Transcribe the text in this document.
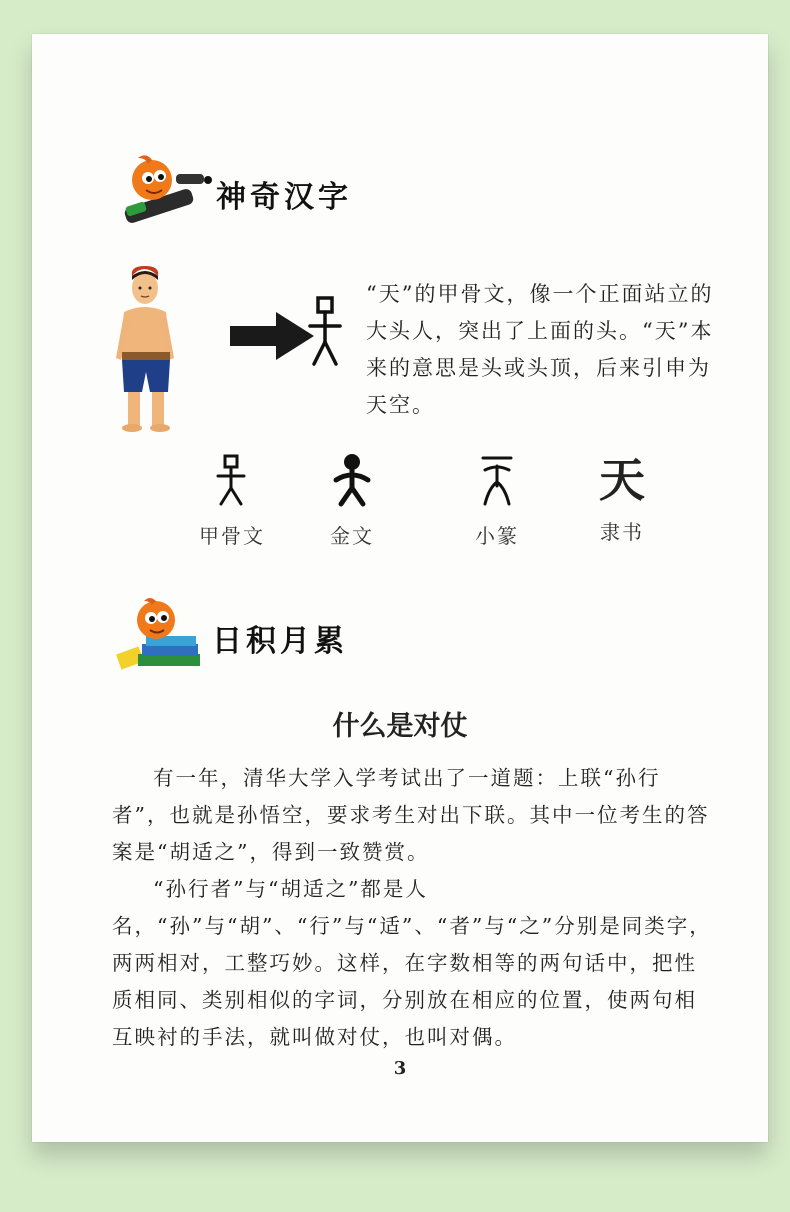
神奇汉字
“天”的甲骨文，像一个正面站立的大头人，突出了上面的头。“天”本来的意思是头或头顶，后来引申为天空。
甲骨文	金文	小篆
天
隶书
日积月累
什么是对仗

有一年，清华大学入学考试出了一道题：上联“孙行者”，也就是孙悟空，要求考生对出下联。其中一位考生的答案是“胡适之”，得到一致赞赏。

“孙行者”与“胡适之”都是人名，“孙”与“胡”、“行”与“适”、“者”与“之”分别是同类字，两两相对，工整巧妙。这样，在字数相等的两句话中，把性质相同、类别相似的字词，分别放在相应的位置，使两句相互映衬的手法，就叫做对仗，也叫对偶。

3
